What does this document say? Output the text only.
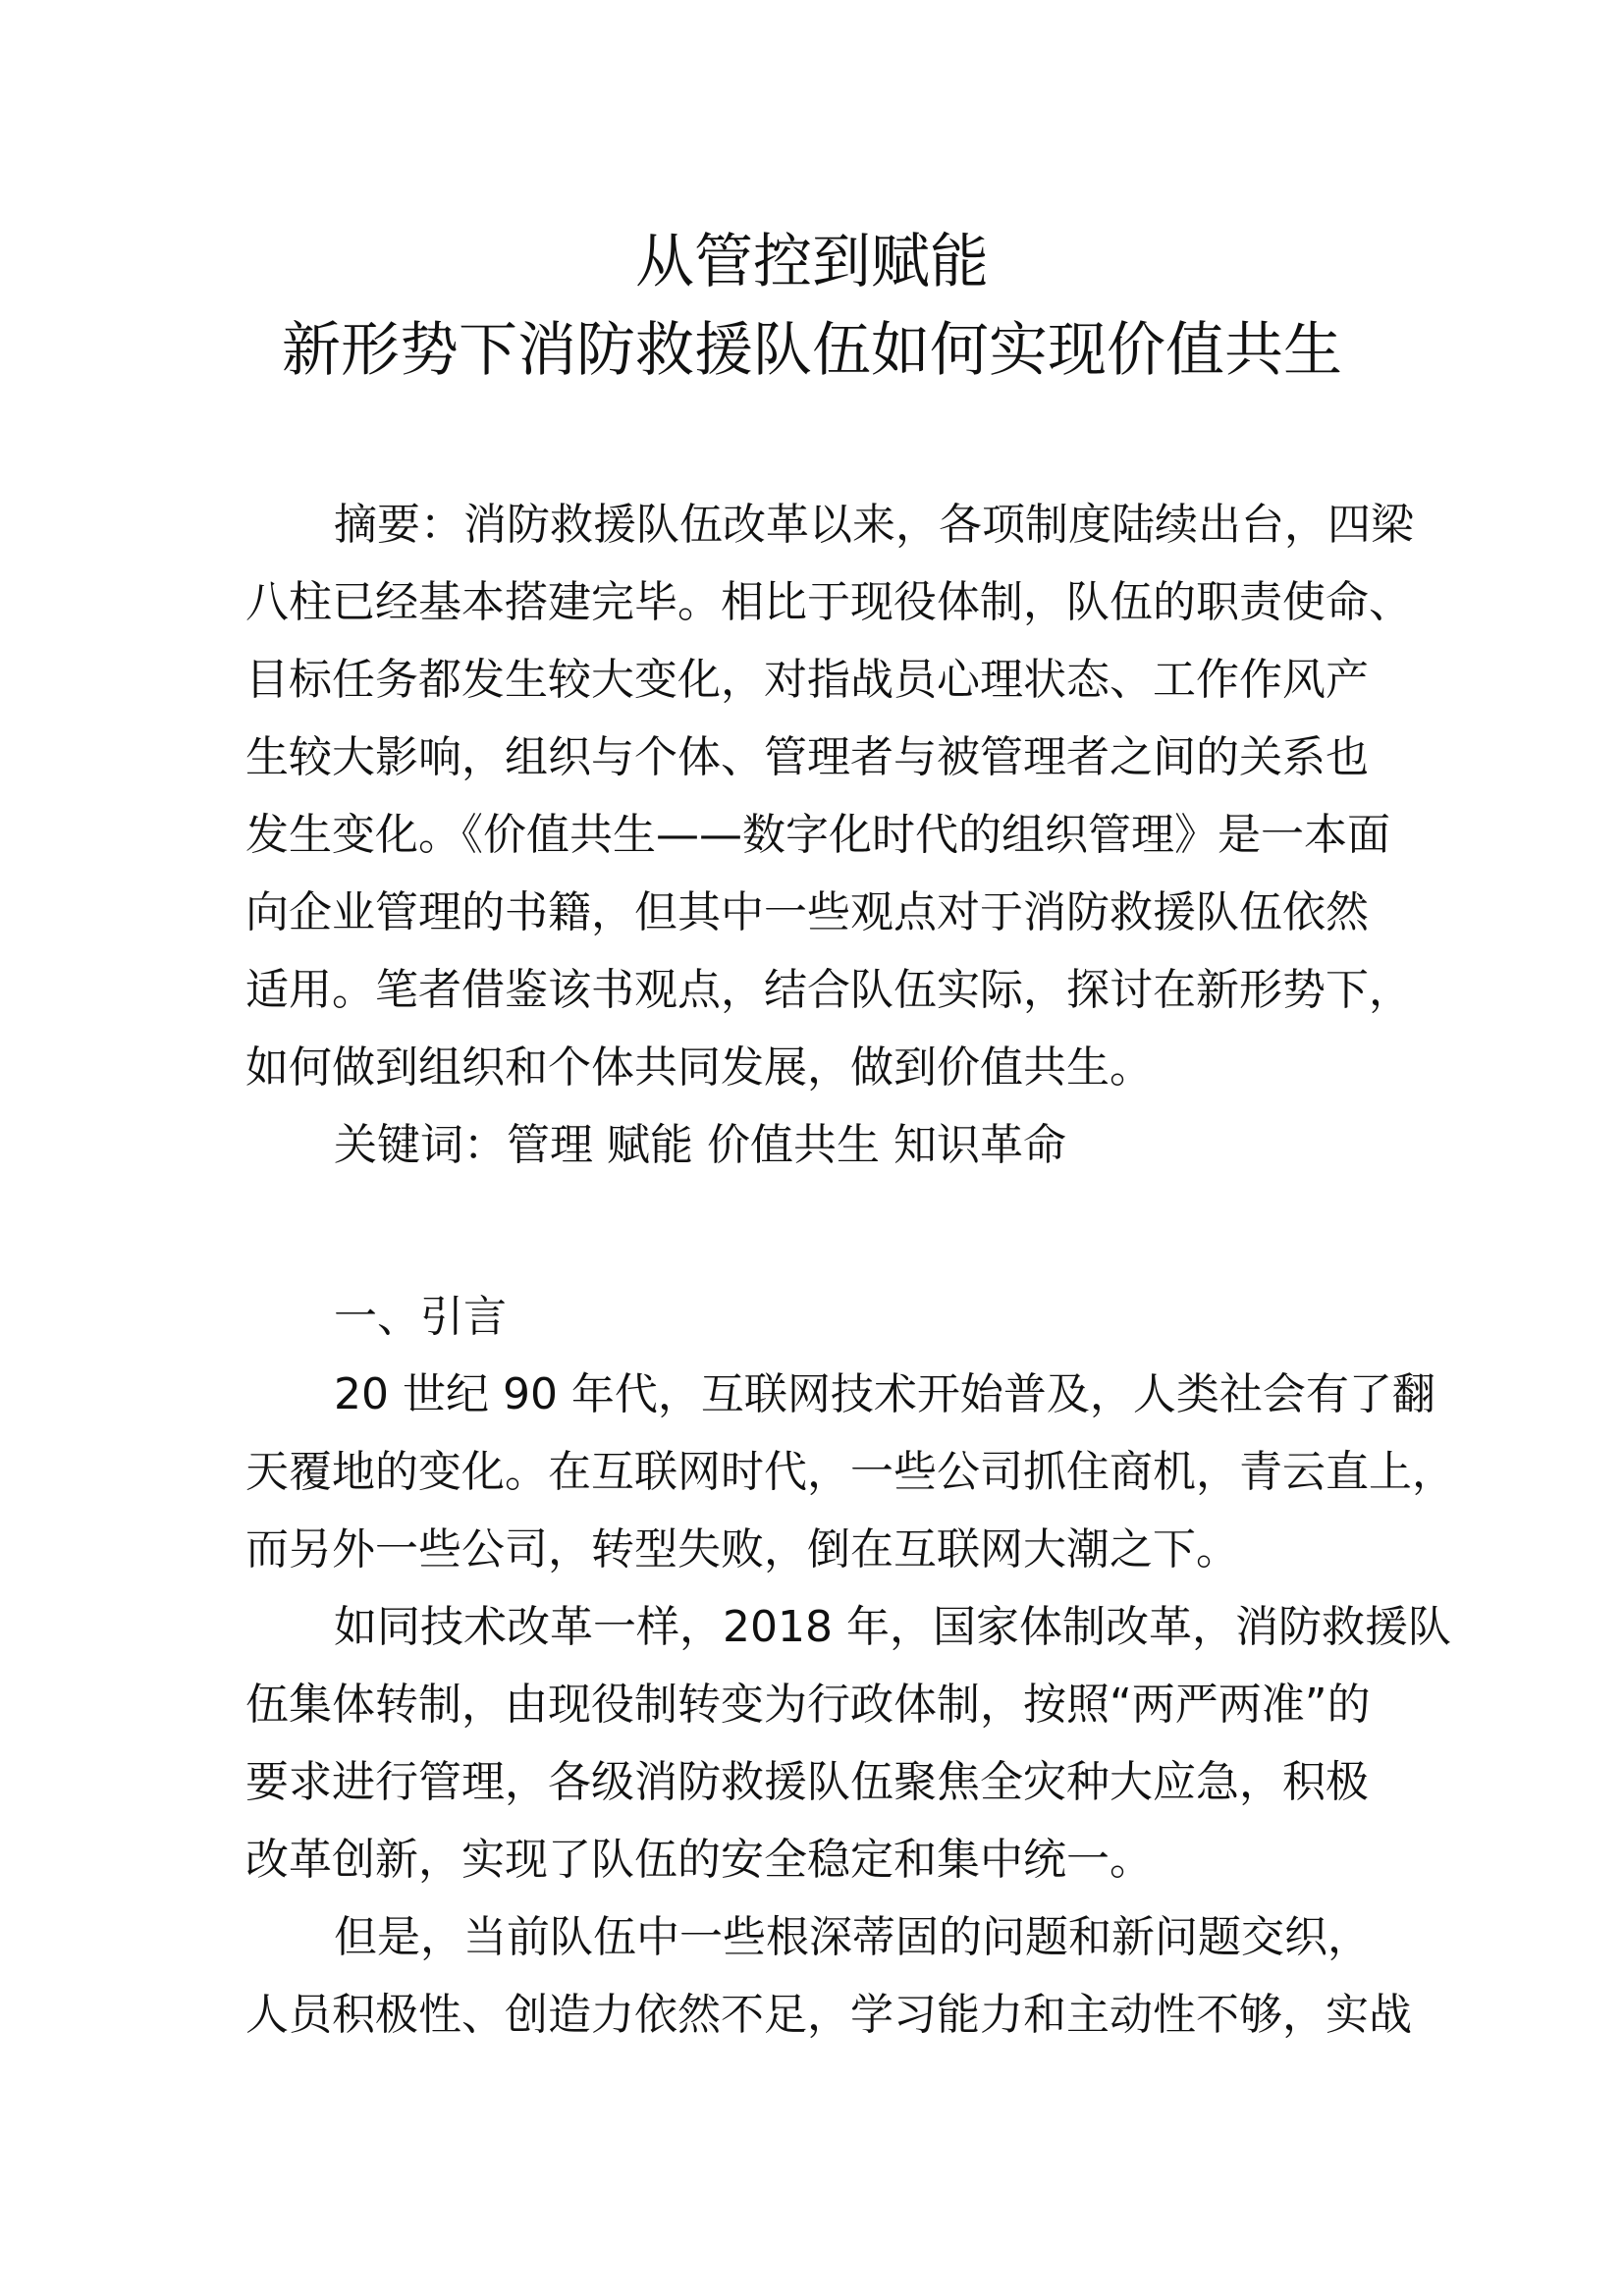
从管控到赋能
新形势下消防救援队伍如何实现价值共生
摘要：消防救援队伍改革以来，各项制度陆续出台，四梁
八柱已经基本搭建完毕。相比于现役体制，队伍的职责使命、
目标任务都发生较大变化，对指战员心理状态、工作作风产
生较大影响，组织与个体、管理者与被管理者之间的关系也
发生变化。《价值共生——数字化时代的组织管理》是一本面
向企业管理的书籍，但其中一些观点对于消防救援队伍依然
适用。笔者借鉴该书观点，结合队伍实际，探讨在新形势下，
如何做到组织和个体共同发展，做到价值共生。
关键词：管理 赋能 价值共生 知识革命
一、引言
20 世纪 90 年代，互联网技术开始普及，人类社会有了翻
天覆地的变化。在互联网时代，一些公司抓住商机，青云直上，
而另外一些公司，转型失败，倒在互联网大潮之下。
如同技术改革一样，2018 年，国家体制改革，消防救援队
伍集体转制，由现役制转变为行政体制，按照“两严两准”的
要求进行管理，各级消防救援队伍聚焦全灾种大应急，积极
改革创新，实现了队伍的安全稳定和集中统一。
但是，当前队伍中一些根深蒂固的问题和新问题交织，
人员积极性、创造力依然不足，学习能力和主动性不够，实战
